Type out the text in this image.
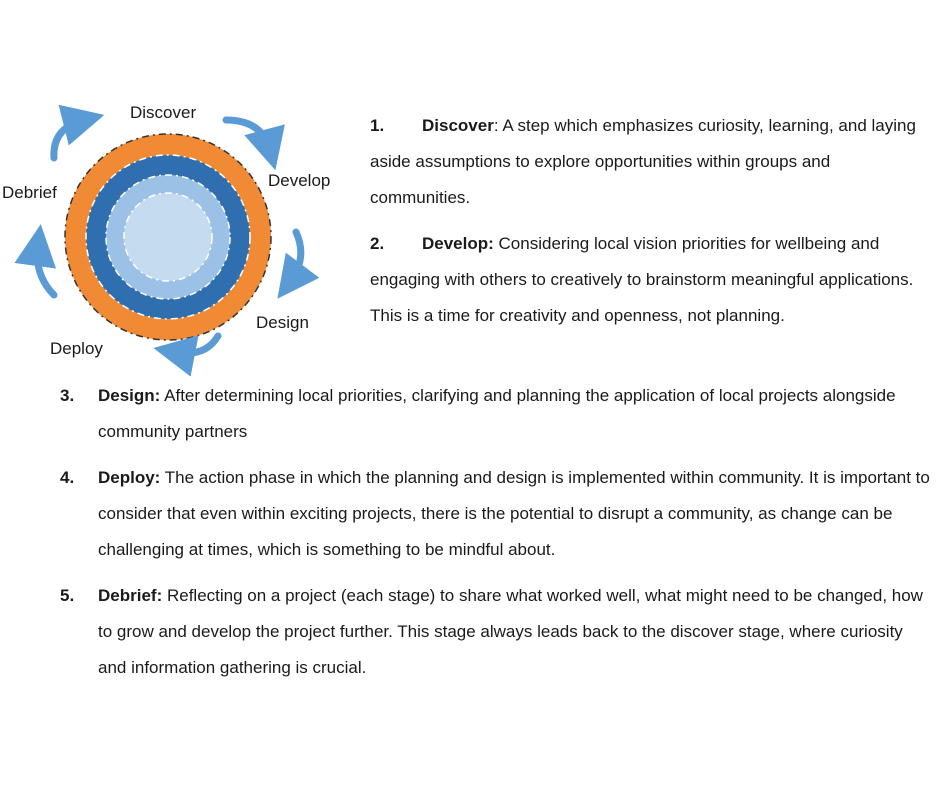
Discover
Develop
Design
Deploy
Debrief
1. Discover: A step which emphasizes curiosity, learning, and laying aside assumptions to explore opportunities within groups and communities.
2. Develop: Considering local vision priorities for wellbeing and engaging with others to creatively to brainstorm meaningful applications. This is a time for creativity and openness, not planning.
3. Design: After determining local priorities, clarifying and planning the application of local projects alongside community partners
4. Deploy: The action phase in which the planning and design is implemented within community. It is important to consider that even within exciting projects, there is the potential to disrupt a community, as change can be challenging at times, which is something to be mindful about.
5. Debrief: Reflecting on a project (each stage) to share what worked well, what might need to be changed, how to grow and develop the project further. This stage always leads back to the discover stage, where curiosity and information gathering is crucial.
